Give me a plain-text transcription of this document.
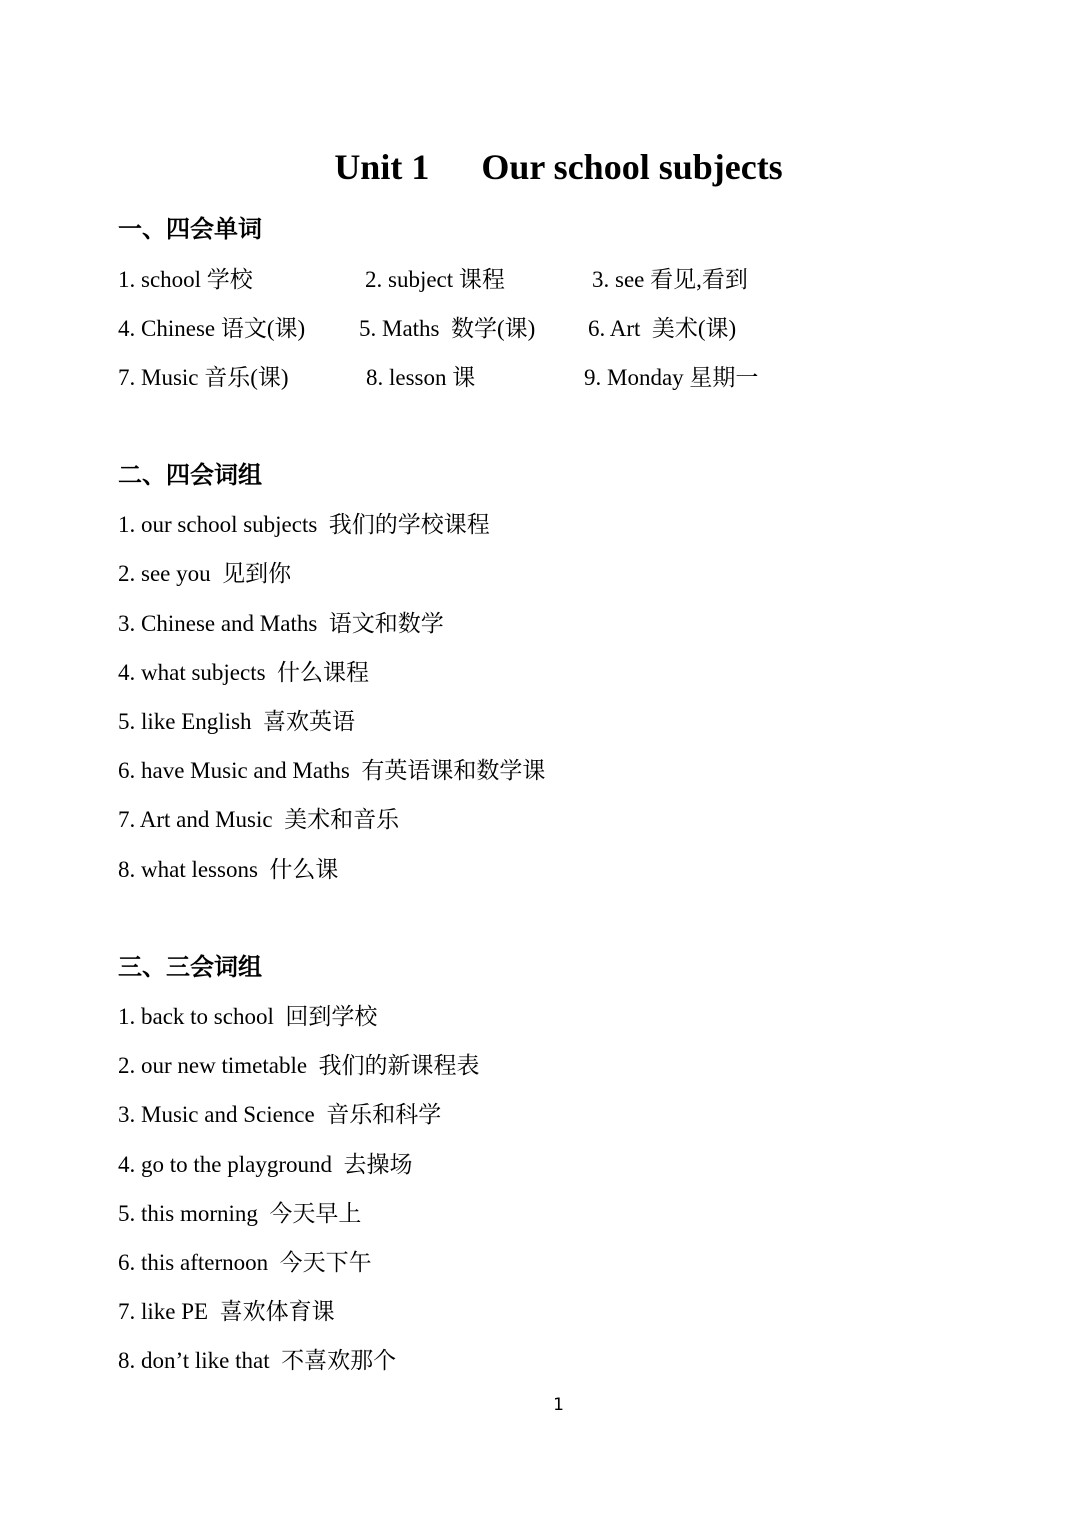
Unit 1 Our school subjects
一、四会单词
1. school 学校	2. subject 课程	3. see 看见,看到
4. Chinese 语文(课) 5. Maths  数学(课) 6. Art  美术(课)
7. Music 音乐(课)	8. lesson 课	9. Monday 星期一
二、四会词组
1. our school subjects  我们的学校课程
2. see you  见到你
3. Chinese and Maths  语文和数学
4. what subjects  什么课程
5. like English  喜欢英语
6. have Music and Maths  有英语课和数学课
7. Art and Music  美术和音乐
8. what lessons  什么课
三、三会词组
1. back to school  回到学校
2. our new timetable  我们的新课程表
3. Music and Science  音乐和科学
4. go to the playground  去操场
5. this morning  今天早上
6. this afternoon  今天下午
7. like PE  喜欢体育课
8. don’t like that  不喜欢那个
1
